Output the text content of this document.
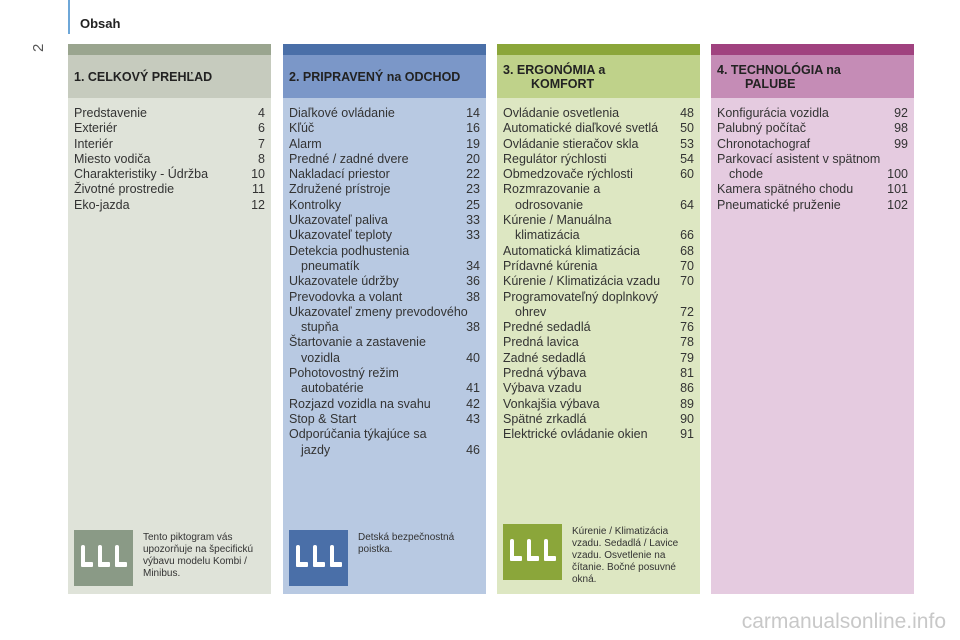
2
Obsah
1. CELKOVÝ PREHĽAD
Predstavenie	4
Exteriér	6
Interiér	7
Miesto vodiča	8
Charakteristiky - Údržba	10
Životné prostredie	11
Eko-jazda	12
Tento piktogram vás upozorňuje na špecifickú výbavu modelu Kombi / Minibus.
2. PRIPRAVENÝ na ODCHOD
Diaľkové ovládanie	14
Kľúč	16
Alarm	19
Predné / zadné dvere	20
Nakladací priestor	22
Združené prístroje	23
Kontrolky	25
Ukazovateľ paliva	33
Ukazovateľ teploty	33
Detekcia podhustenia
pneumatík	34
Ukazovatele údržby	36
Prevodovka a volant	38
Ukazovateľ zmeny prevodového
stupňa	38
Štartovanie a zastavenie
vozidla	40
Pohotovostný režim
autobatérie	41
Rozjazd vozidla na svahu	42
Stop & Start	43
Odporúčania týkajúce sa
jazdy	46
Detská bezpečnostná poistka.
3. ERGONÓMIA a
KOMFORT
Ovládanie osvetlenia	48
Automatické diaľkové svetlá 50
Ovládanie stieračov skla	53
Regulátor rýchlosti	54
Obmedzovače rýchlosti	60
Rozmrazovanie a
odrosovanie	64
Kúrenie / Manuálna
klimatizácia	66
Automatická klimatizácia	68
Prídavné kúrenia	70
Kúrenie / Klimatizácia vzadu 70
Programovateľný doplnkový
ohrev	72
Predné sedadlá	76
Predná lavica	78
Zadné sedadlá	79
Predná výbava	81
Výbava vzadu	86
Vonkajšia výbava	89
Spätné zrkadlá	90
Elektrické ovládanie okien	91
Kúrenie / Klimatizácia vzadu. Sedadlá / Lavice vzadu. Osvetlenie na čítanie. Bočné posuvné okná.
4. TECHNOLÓGIA na
PALUBE
Konfigurácia vozidla	92
Palubný počítač	98
Chronotachograf	99
Parkovací asistent v spätnom
chode	100
Kamera spätného chodu	101
Pneumatické pruženie	102
carmanualsonline.info
